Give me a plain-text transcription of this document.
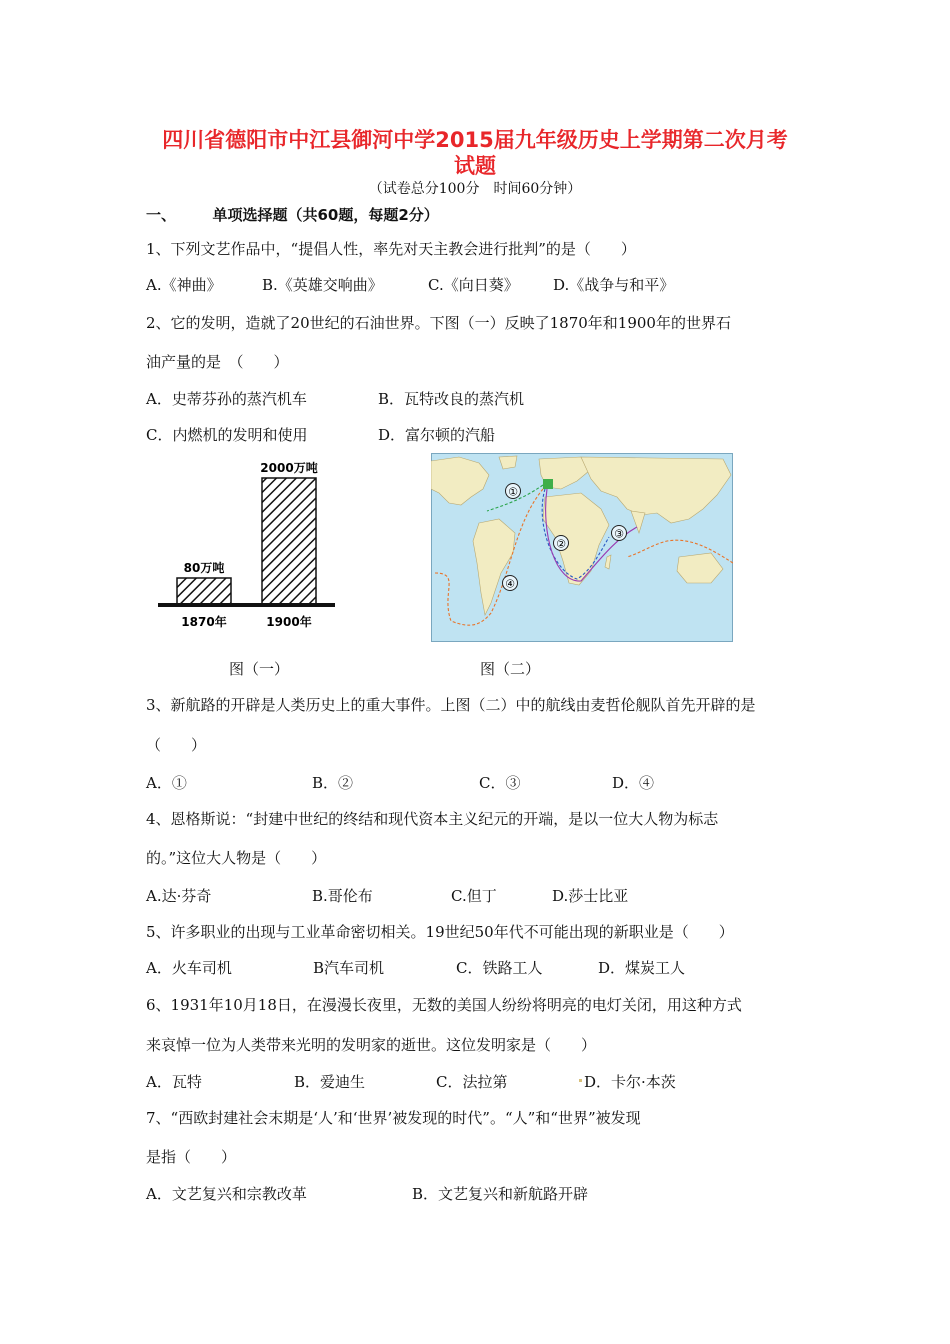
四川省德阳市中江县御河中学2015届九年级历史上学期第二次月考
试题
（试卷总分100分　时间60分钟）
一、 单项选择题（共60题，每题2分）
1、下列文艺作品中，“提倡人性，率先对天主教会进行批判”的是（　　）
A.《神曲》	B.《英雄交响曲》	C.《向日葵》 D.《战争与和平》
2、它的发明，造就了20世纪的石油世界。下图（一）反映了1870年和1900年的世界石
油产量的是　（　　）
A．史蒂芬孙的蒸汽机车	B．瓦特改良的蒸汽机
C．内燃机的发明和使用	D．富尔顿的汽船
80万吨
1870年
2000万吨
1900年
①
②
③
④
图（一）	图（二）
3、新航路的开辟是人类历史上的重大事件。上图（二）中的航线由麦哲伦舰队首先开辟的是
（　　）
A．①	B．②	C．③	D．④
4、恩格斯说：“封建中世纪的终结和现代资本主义纪元的开端，是以一位大人物为标志
的。”这位大人物是（　　）
A.达·芬奇	B.哥伦布	C.但丁	D.莎士比亚
5、许多职业的出现与工业革命密切相关。19世纪50年代不可能出现的新职业是（　　）
A．火车司机	B汽车司机	C．铁路工人	D．煤炭工人
6、1931年10月18日，在漫漫长夜里，无数的美国人纷纷将明亮的电灯关闭，用这种方式
来哀悼一位为人类带来光明的发明家的逝世。这位发明家是（　　）
A．瓦特	B．爱迪生	C．法拉第	D．卡尔·本茨
7、“西欧封建社会末期是‘人’和‘世界’被发现的时代”。“人”和“世界”被发现
是指（　　）
A．文艺复兴和宗教改革	B．文艺复兴和新航路开辟
